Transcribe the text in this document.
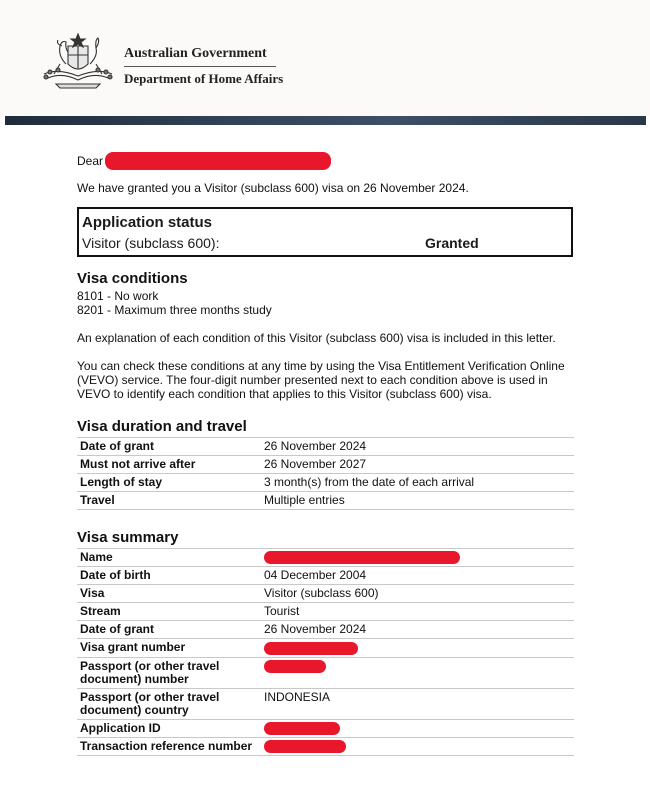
Australian Government
Department of Home Affairs
Dear
We have granted you a Visitor (subclass 600) visa on 26 November 2024.
Application status
Visitor (subclass 600):	Granted
Visa conditions
8101 - No work
8201 - Maximum three months study
An explanation of each condition of this Visitor (subclass 600) visa is included in this letter.
You can check these conditions at any time by using the Visa Entitlement Verification Online (VEVO) service. The four-digit number presented next to each condition above is used in VEVO to identify each condition that applies to this Visitor (subclass 600) visa.
Visa duration and travel
Date of grant	26 November 2024
Must not arrive after	26 November 2027
Length of stay	3 month(s) from the date of each arrival
Travel	Multiple entries
Visa summary
Name	
Date of birth	04 December 2004
Visa	Visitor (subclass 600)
Stream	Tourist
Date of grant	26 November 2024
Visa grant number	
Passport (or other travel document) number	
Passport (or other travel document) country	INDONESIA
Application ID	
Transaction reference number	
